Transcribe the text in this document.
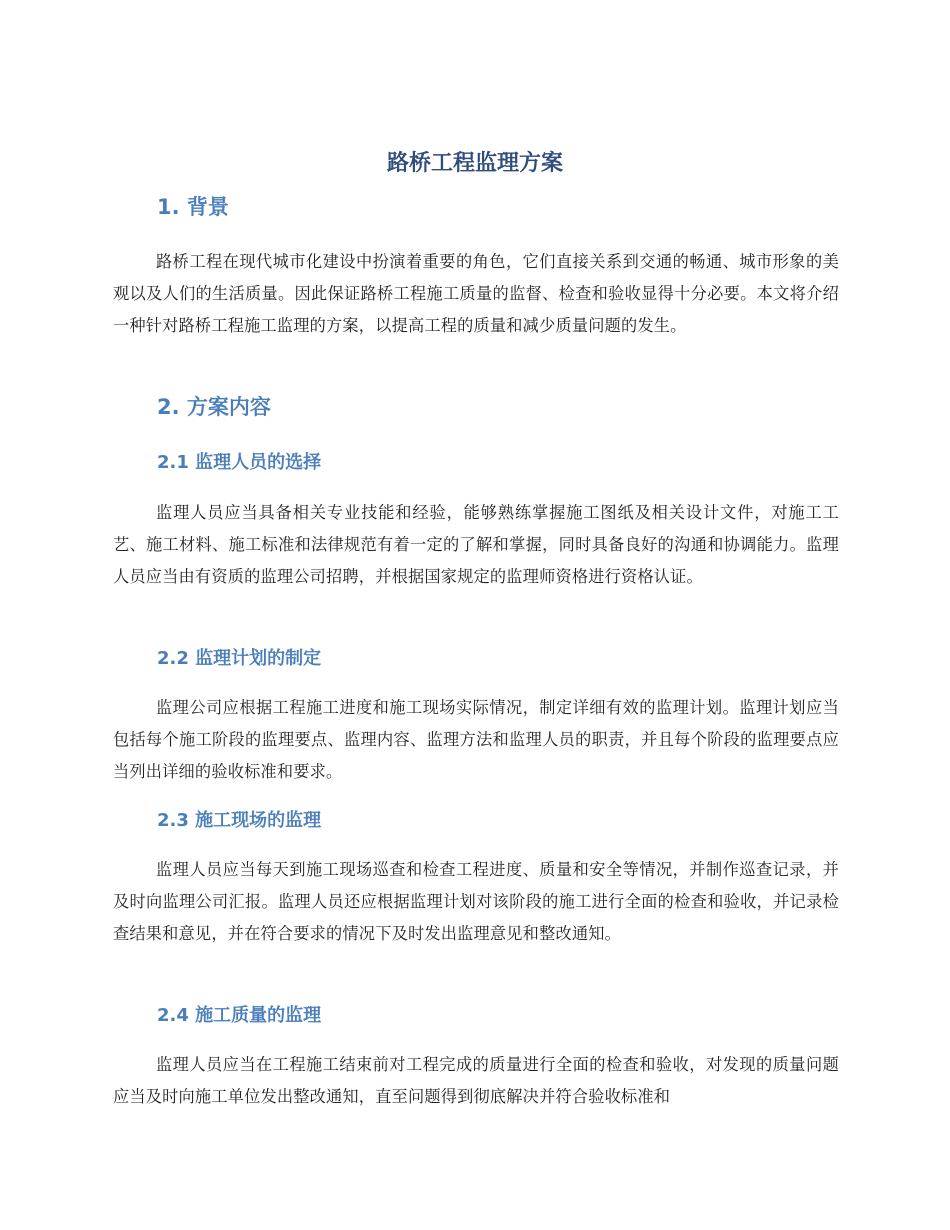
路桥工程监理方案
1. 背景

路桥工程在现代城市化建设中扮演着重要的角色，它们直接关系到交通的畅通、城市形象的美观以及人们的生活质量。因此保证路桥工程施工质量的监督、检查和验收显得十分必要。本文将介绍一种针对路桥工程施工监理的方案，以提高工程的质量和减少质量问题的发生。

2. 方案内容
2.1 监理人员的选择

监理人员应当具备相关专业技能和经验，能够熟练掌握施工图纸及相关设计文件，对施工工艺、施工材料、施工标准和法律规范有着一定的了解和掌握，同时具备良好的沟通和协调能力。监理人员应当由有资质的监理公司招聘，并根据国家规定的监理师资格进行资格认证。

2.2 监理计划的制定

监理公司应根据工程施工进度和施工现场实际情况，制定详细有效的监理计划。监理计划应当包括每个施工阶段的监理要点、监理内容、监理方法和监理人员的职责，并且每个阶段的监理要点应当列出详细的验收标准和要求。

2.3 施工现场的监理

监理人员应当每天到施工现场巡查和检查工程进度、质量和安全等情况，并制作巡查记录，并及时向监理公司汇报。监理人员还应根据监理计划对该阶段的施工进行全面的检查和验收，并记录检查结果和意见，并在符合要求的情况下及时发出监理意见和整改通知。

2.4 施工质量的监理

监理人员应当在工程施工结束前对工程完成的质量进行全面的检查和验收，对发现的质量问题应当及时向施工单位发出整改通知，直至问题得到彻底解决并符合验收标准和
